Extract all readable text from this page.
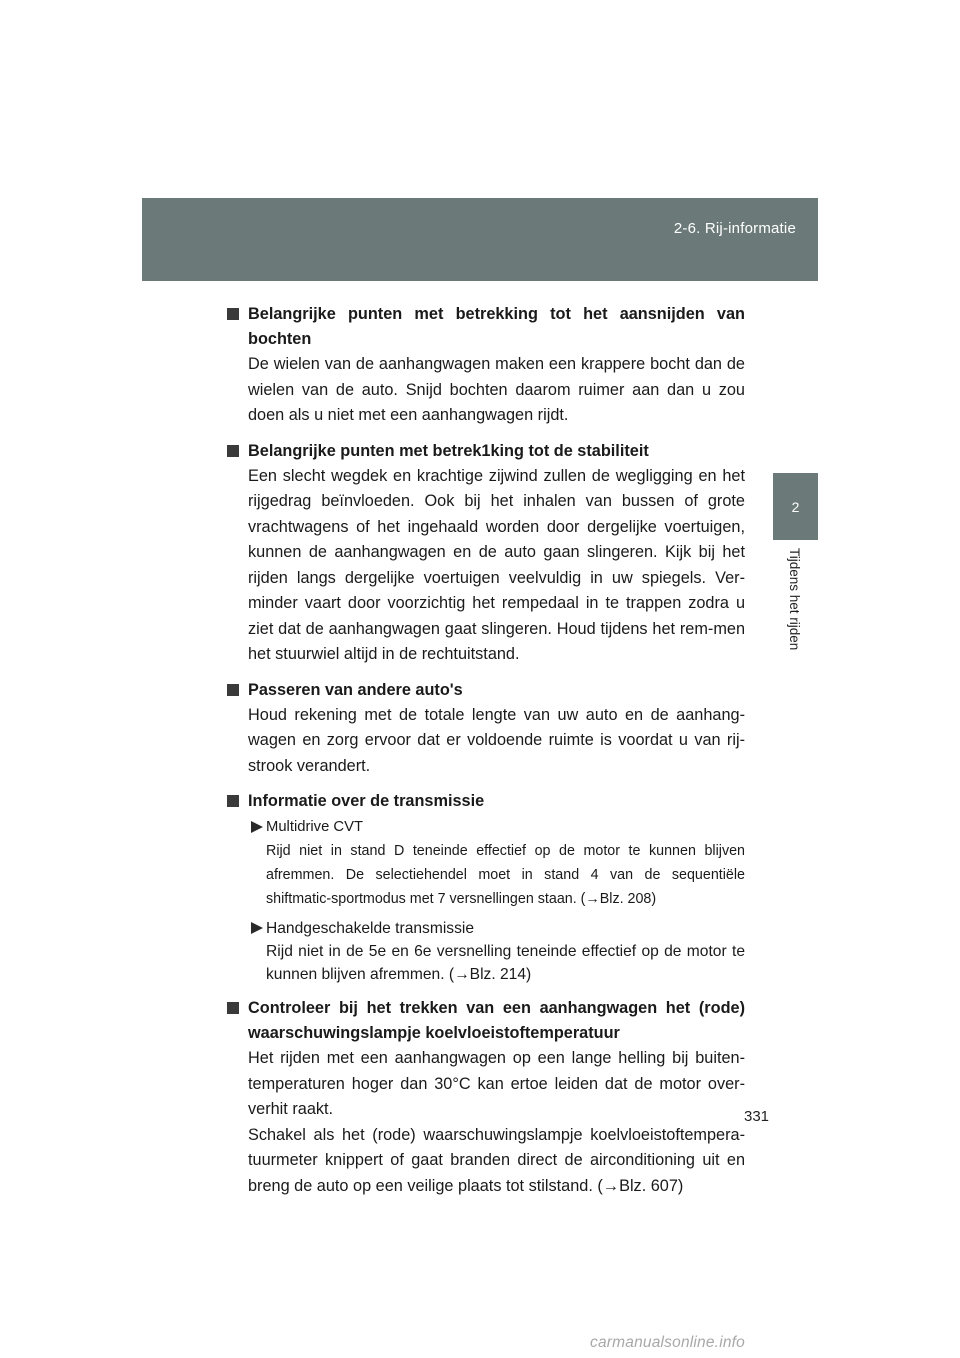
2-6. Rij-informatie
2
Tijdens het rijden
Belangrijke punten met betrekking tot het aansnijden van bochten

De wielen van de aanhangwagen maken een krappere bocht dan de wielen van de auto. Snijd bochten daarom ruimer aan dan u zou doen als u niet met een aanhangwagen rijdt.

Belangrijke punten met betrek1king tot de stabiliteit

Een slecht wegdek en krachtige zijwind zullen de wegligging en het rijgedrag beïnvloeden. Ook bij het inhalen van bussen of grote vrachtwagens of het ingehaald worden door dergelijke voertuigen, kunnen de aanhangwagen en de auto gaan slingeren. Kijk bij het rijden langs dergelijke voertuigen veelvuldig in uw spiegels. Ver-minder vaart door voorzichtig het rempedaal in te trappen zodra u ziet dat de aanhangwagen gaat slingeren. Houd tijdens het rem-men het stuurwiel altijd in de rechtuitstand.

Passeren van andere auto's

Houd rekening met de totale lengte van uw auto en de aanhang-wagen en zorg ervoor dat er voldoende ruimte is voordat u van rij-strook verandert.

Informatie over de transmissie
Multidrive CVT
Rijd niet in stand D teneinde effectief op de motor te kunnen blijven afremmen. De selectiehendel moet in stand 4 van de sequentiële shiftmatic-sportmodus met 7 versnellingen staan. (→Blz. 208)
Handgeschakelde transmissie
Rijd niet in de 5e en 6e versnelling teneinde effectief op de motor te kunnen blijven afremmen. (→Blz. 214)
Controleer bij het trekken van een aanhangwagen het (rode) waarschuwingslampje koelvloeistoftemperatuur

Het rijden met een aanhangwagen op een lange helling bij buiten-temperaturen hoger dan 30°C kan ertoe leiden dat de motor over-verhit raakt.

Schakel als het (rode) waarschuwingslampje koelvloeistoftempera-tuurmeter knippert of gaat branden direct de airconditioning uit en breng de auto op een veilige plaats tot stilstand. (→Blz. 607)

331
carmanualsonline.info
